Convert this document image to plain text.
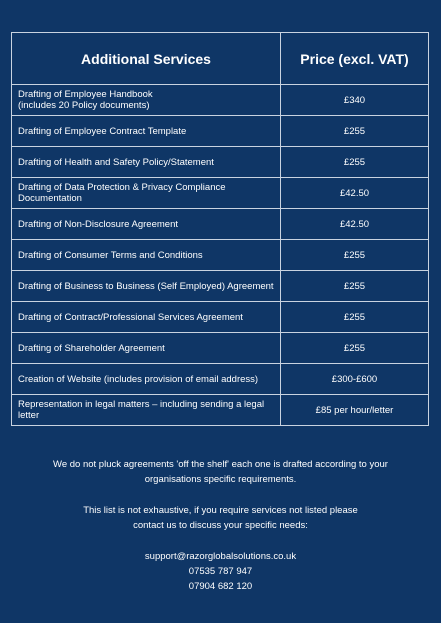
Additional Services	Price (excl. VAT)
Drafting of Employee Handbook
(includes 20 Policy documents)	£340
Drafting of Employee Contract Template	£255
Drafting of Health and Safety Policy/Statement	£255
Drafting of Data Protection & Privacy Compliance Documentation	£42.50
Drafting of Non-Disclosure Agreement	£42.50
Drafting of Consumer Terms and Conditions	£255
Drafting of Business to Business (Self Employed) Agreement	£255
Drafting of Contract/Professional Services Agreement	£255
Drafting of Shareholder Agreement	£255
Creation of Website (includes provision of email address)	£300-£600
Representation in legal matters – including sending a legal letter	£85 per hour/letter

We do not pluck agreements 'off the shelf' each one is drafted according to your

organisations specific requirements.

This list is not exhaustive, if you require services not listed please

contact us to discuss your specific needs:

support@razorglobalsolutions.co.uk

07535 787 947

07904 682 120
